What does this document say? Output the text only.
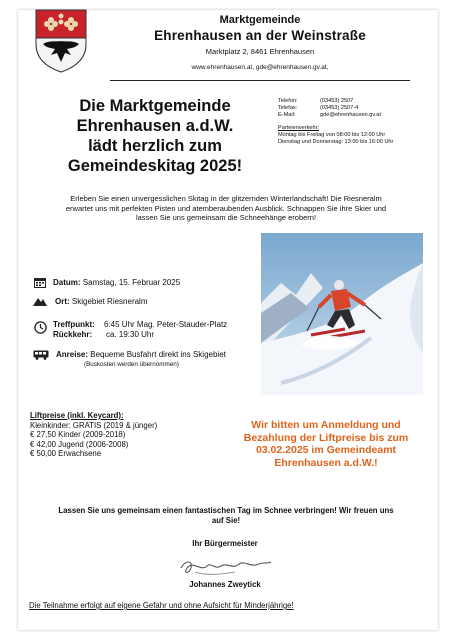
Marktgemeinde
Ehrenhausen an der Weinstraße
Marktplatz 2, 8461 Ehrenhausen
www.ehrenhausen.at, gde@ehrenhausen.gv.at,
Die Marktgemeinde
Ehrenhausen a.d.W.
lädt herzlich zum
Gemeindeskitag 2025!
Telefon:	(03453) 2507
Telefax:	(03453) 2507-4
E-Mail:	gde@ehrenhausen.gv.at
Parteienverkehr:
Montag bis Freitag von 08:00 bis 12:00 Uhr
Dienstag und Donnerstag: 13:00 bis 16:00 Uhr
Erleben Sie einen unvergesslichen Skitag in der glitzernden Winterlandschaft! Die Riesneralm
erwartet uns mit perfekten Pisten und atemberaubenden Ausblick. Schnappen Sie ihre Skier und
lassen Sie uns gemeinsam die Schneehänge erobern!
Datum: Samstag, 15. Februar 2025
Ort: Skigebiet Riesneralm
Treffpunkt: 6:45 Uhr Mag. Peter-Stauder-Platz
Rückkehr: ca. 19:30 Uhr
Anreise: Bequeme Busfahrt direkt ins Skigebiet
(Buskosten werden übernommen)
Liftpreise (inkl. Keycard):
Kleinkinder: GRATIS (2019 & jünger)
€ 27,50 Kinder (2009-2018)
€ 42,00 Jugend (2006-2008)
€ 50,00 Erwachsene
Wir bitten um Anmeldung und
Bezahlung der Liftpreise bis zum
03.02.2025 im Gemeindeamt
Ehrenhausen a.d.W.!
Lassen Sie uns gemeinsam einen fantastischen Tag im Schnee verbringen! Wir freuen uns
auf Sie!
Ihr Bürgermeister
Johannes Zweytick
Die Teilnahme erfolgt auf eigene Gefahr und ohne Aufsicht für Minderjährige!
